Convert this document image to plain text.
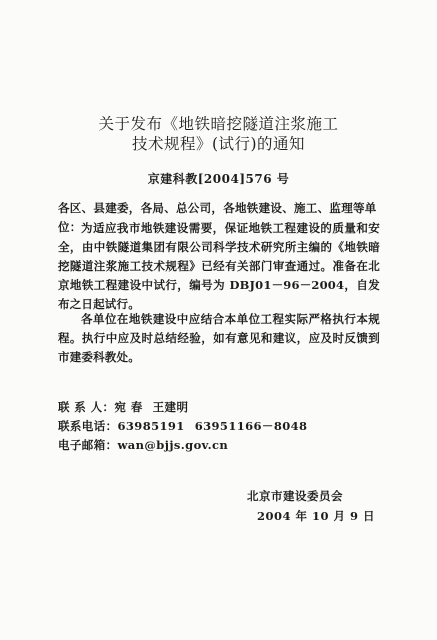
关于发布《地铁暗挖隧道注浆施工
技术规程》(试行)的通知
京建科教[2004]576 号
各区、县建委，各局、总公司，各地铁建设、施工、监理等单位： 为适应我市地铁建设需要，保证地铁工程建设的质量和安全，由中铁隧道集团有限公司科学技术研究所主编的《地铁暗挖隧道注浆施工技术规程》已经有关部门审查通过。准备在北京地铁工程建设中试行，编号为 DBJ01－96－2004，自发布之日起试行。

各单位在地铁建设中应结合本单位工程实际严格执行本规程。执行中应及时总结经验，如有意见和建议，应及时反馈到市建委科教处。

联 系 人：宛 春 王建明
联系电话：63985191 63951166－8048
电子邮箱：wan@bjjs.gov.cn
北京市建设委员会
2004 年 10 月 9 日
